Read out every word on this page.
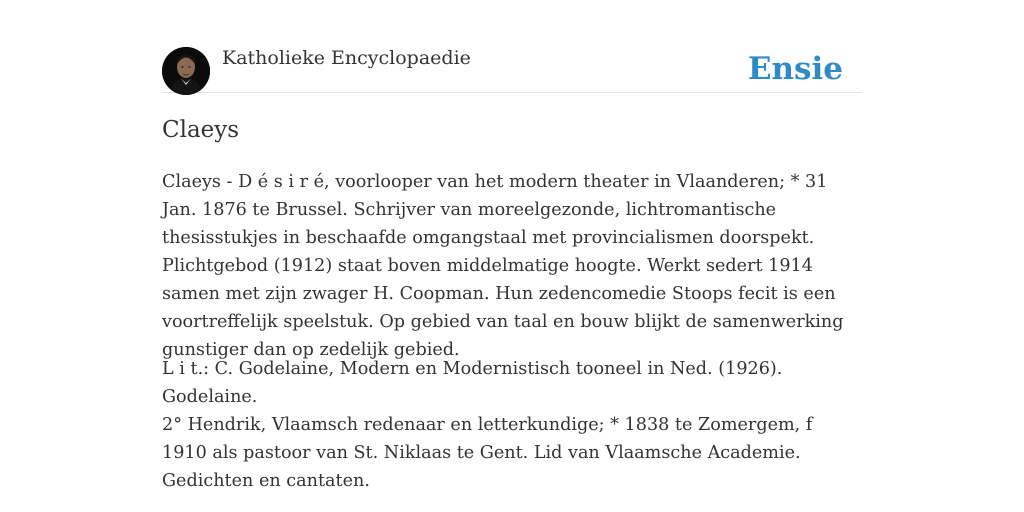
Katholieke Encyclopaedie	Ensie
Claeys

Claeys - D é s i r é, voorlooper van het modern theater in Vlaanderen; * 31 Jan. 1876 te Brussel. Schrijver van moreelgezonde, lichtromantische thesisstukjes in beschaafde omgangstaal met provincialismen doorspekt. Plichtgebod (1912) staat boven middelmatige hoogte. Werkt sedert 1914 samen met zijn zwager H. Coopman. Hun zedencomedie Stoops fecit is een voortreffelijk speelstuk. Op gebied van taal en bouw blijkt de samenwerking gunstiger dan op zedelijk gebied.

L i t.: C. Godelaine, Modern en Modernistisch tooneel in Ned. (1926). Godelaine.

2° Hendrik, Vlaamsch redenaar en letterkundige; * 1838 te Zomergem, f 1910 als pastoor van St. Niklaas te Gent. Lid van Vlaamsche Academie. Gedichten en cantaten.
